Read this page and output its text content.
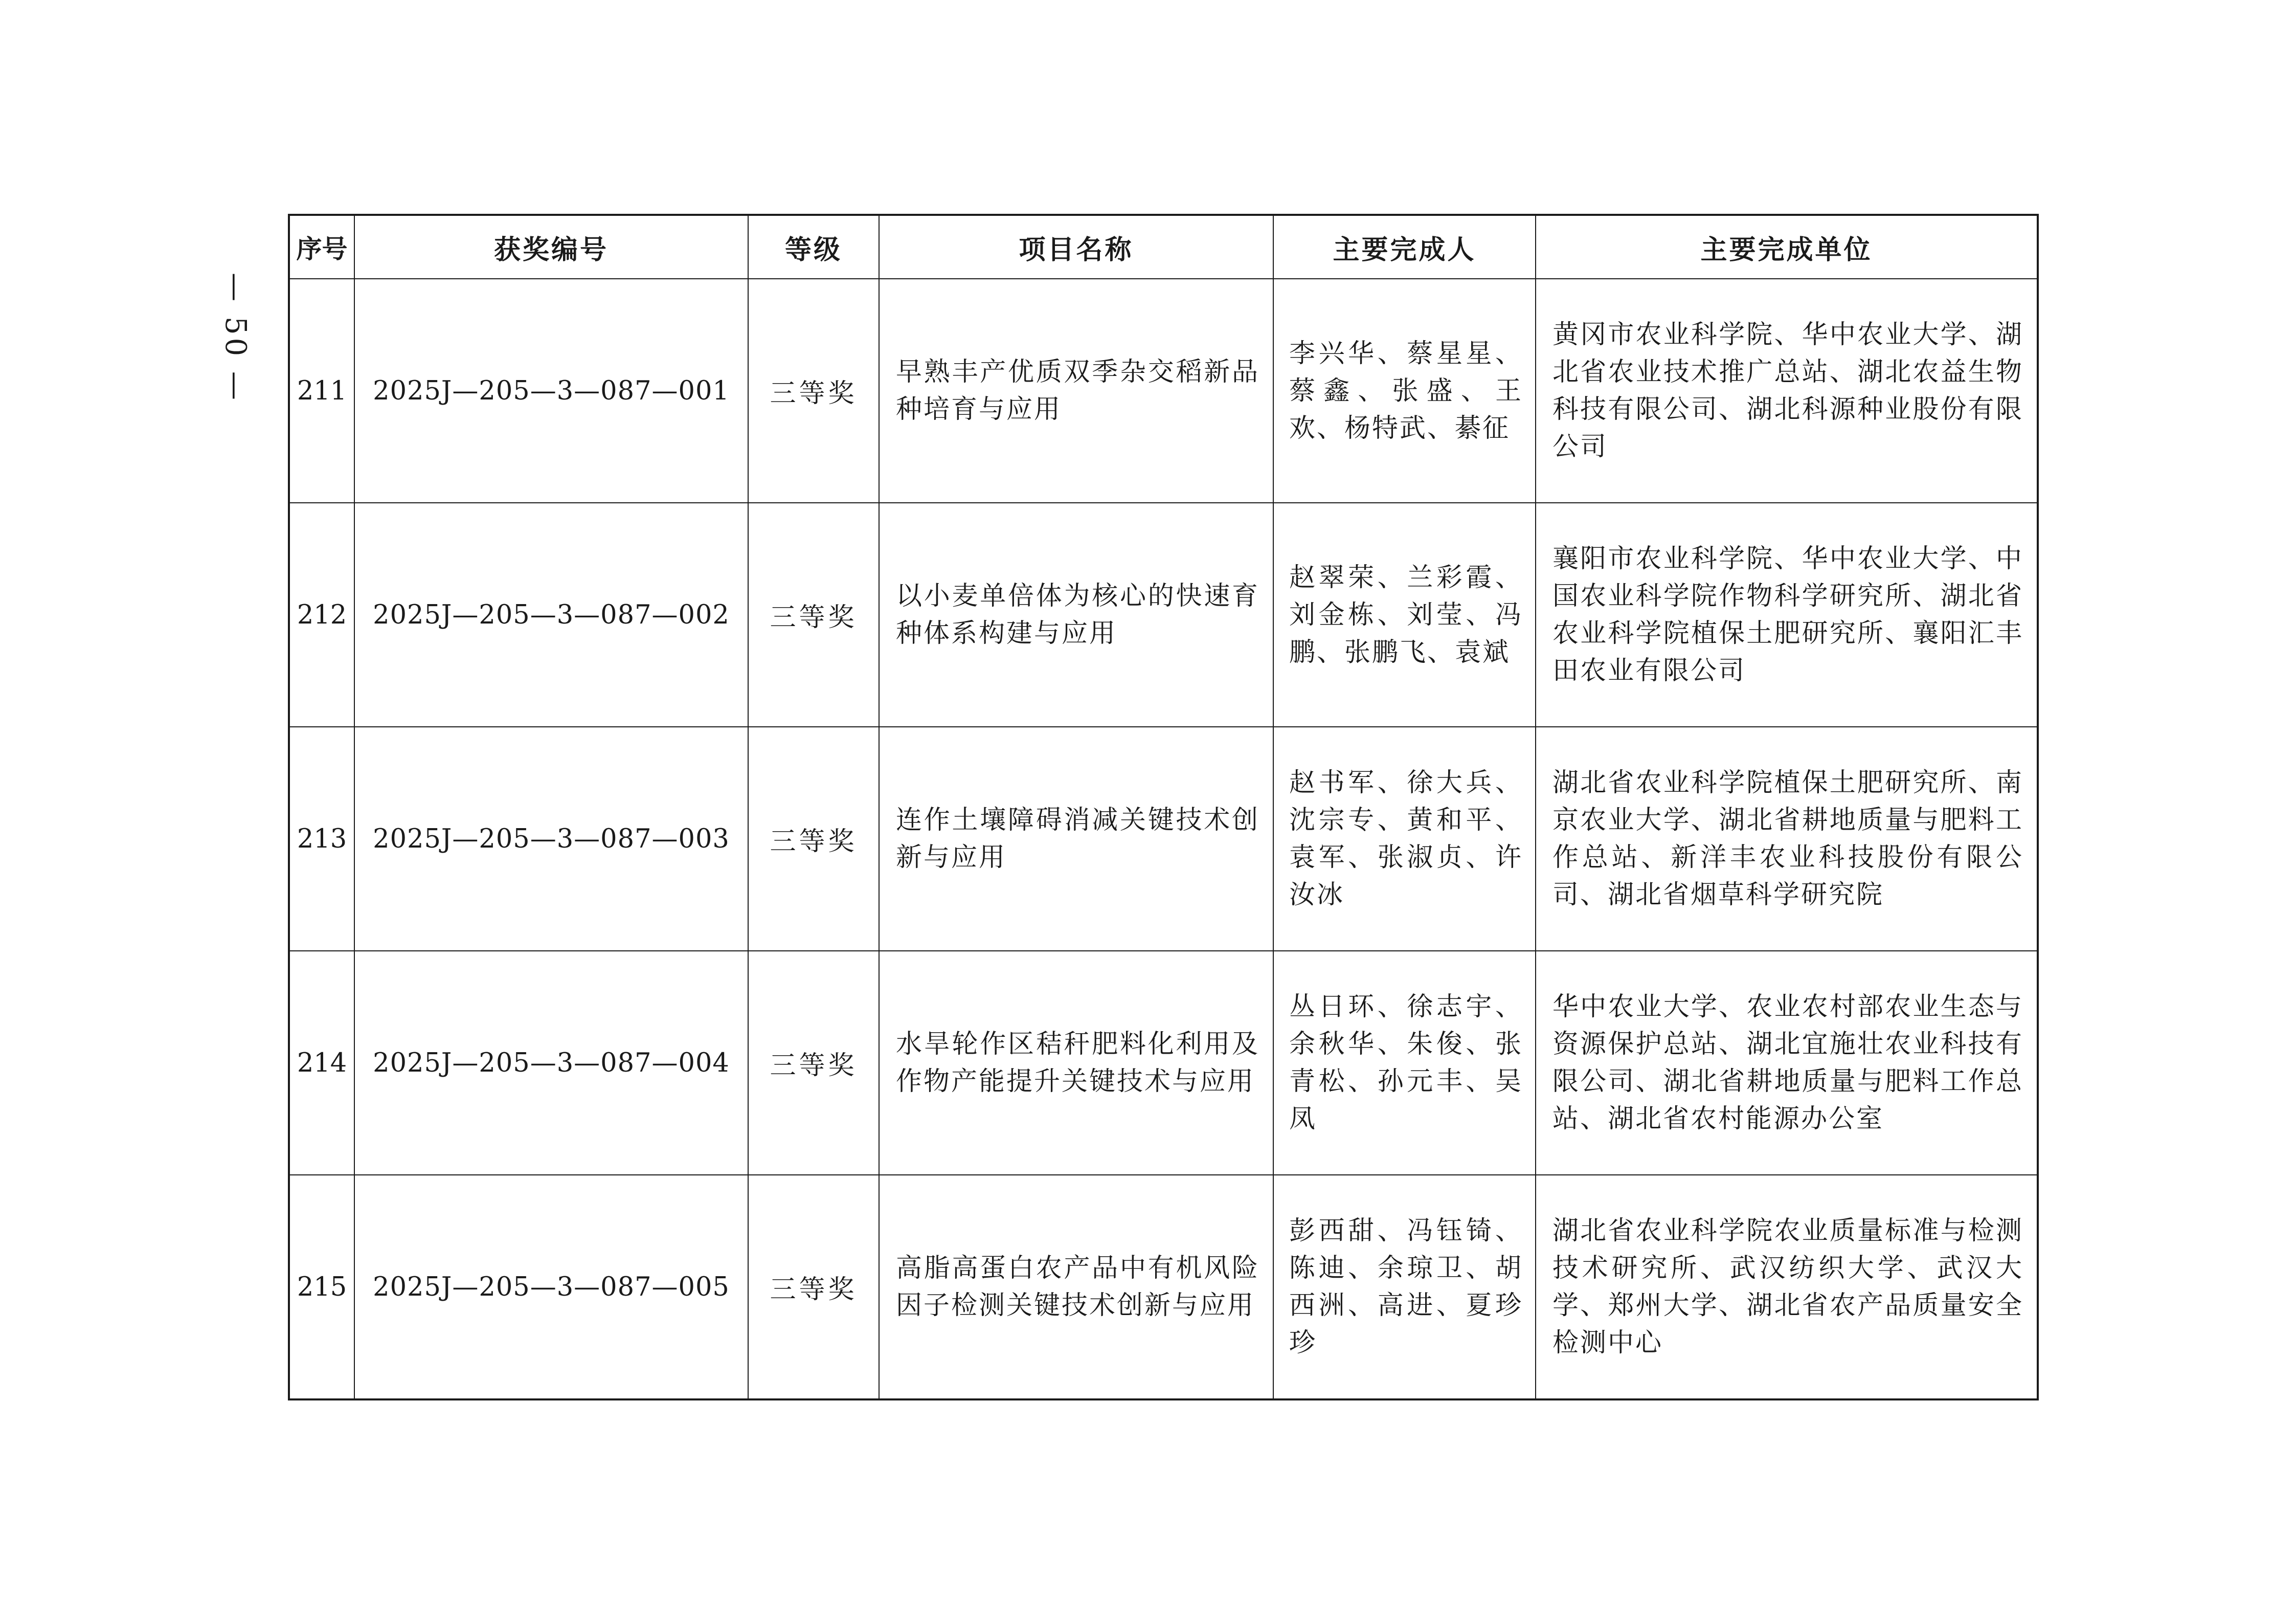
— 50 —
序号	获奖编号	等级	项目名称	主要完成人	主要完成单位
211	2025J—205—3—087—001	三等奖	早熟丰产优质双季杂交稻新品种培育与应用	李兴华、蔡星星、蔡鑫、张盛、王欢、杨特武、綦征	黄冈市农业科学院、华中农业大学、湖北省农业技术推广总站、湖北农益生物科技有限公司、湖北科源种业股份有限公司
212	2025J—205—3—087—002	三等奖	以小麦单倍体为核心的快速育种体系构建与应用	赵翠荣、兰彩霞、刘金栋、刘莹、冯鹏、张鹏飞、袁斌	襄阳市农业科学院、华中农业大学、中国农业科学院作物科学研究所、湖北省农业科学院植保土肥研究所、襄阳汇丰田农业有限公司
213	2025J—205—3—087—003	三等奖	连作土壤障碍消减关键技术创新与应用	赵书军、徐大兵、沈宗专、黄和平、袁军、张淑贞、许汝冰	湖北省农业科学院植保土肥研究所、南京农业大学、湖北省耕地质量与肥料工作总站、新洋丰农业科技股份有限公司、湖北省烟草科学研究院
214	2025J—205—3—087—004	三等奖	水旱轮作区秸秆肥料化利用及作物产能提升关键技术与应用	丛日环、徐志宇、余秋华、朱俊、张青松、孙元丰、吴凤	华中农业大学、农业农村部农业生态与资源保护总站、湖北宜施壮农业科技有限公司、湖北省耕地质量与肥料工作总站、湖北省农村能源办公室
215	2025J—205—3—087—005	三等奖	高脂高蛋白农产品中有机风险因子检测关键技术创新与应用	彭西甜、冯钰锜、陈迪、余琼卫、胡西洲、高进、夏珍珍	湖北省农业科学院农业质量标准与检测技术研究所、武汉纺织大学、武汉大学、郑州大学、湖北省农产品质量安全检测中心
